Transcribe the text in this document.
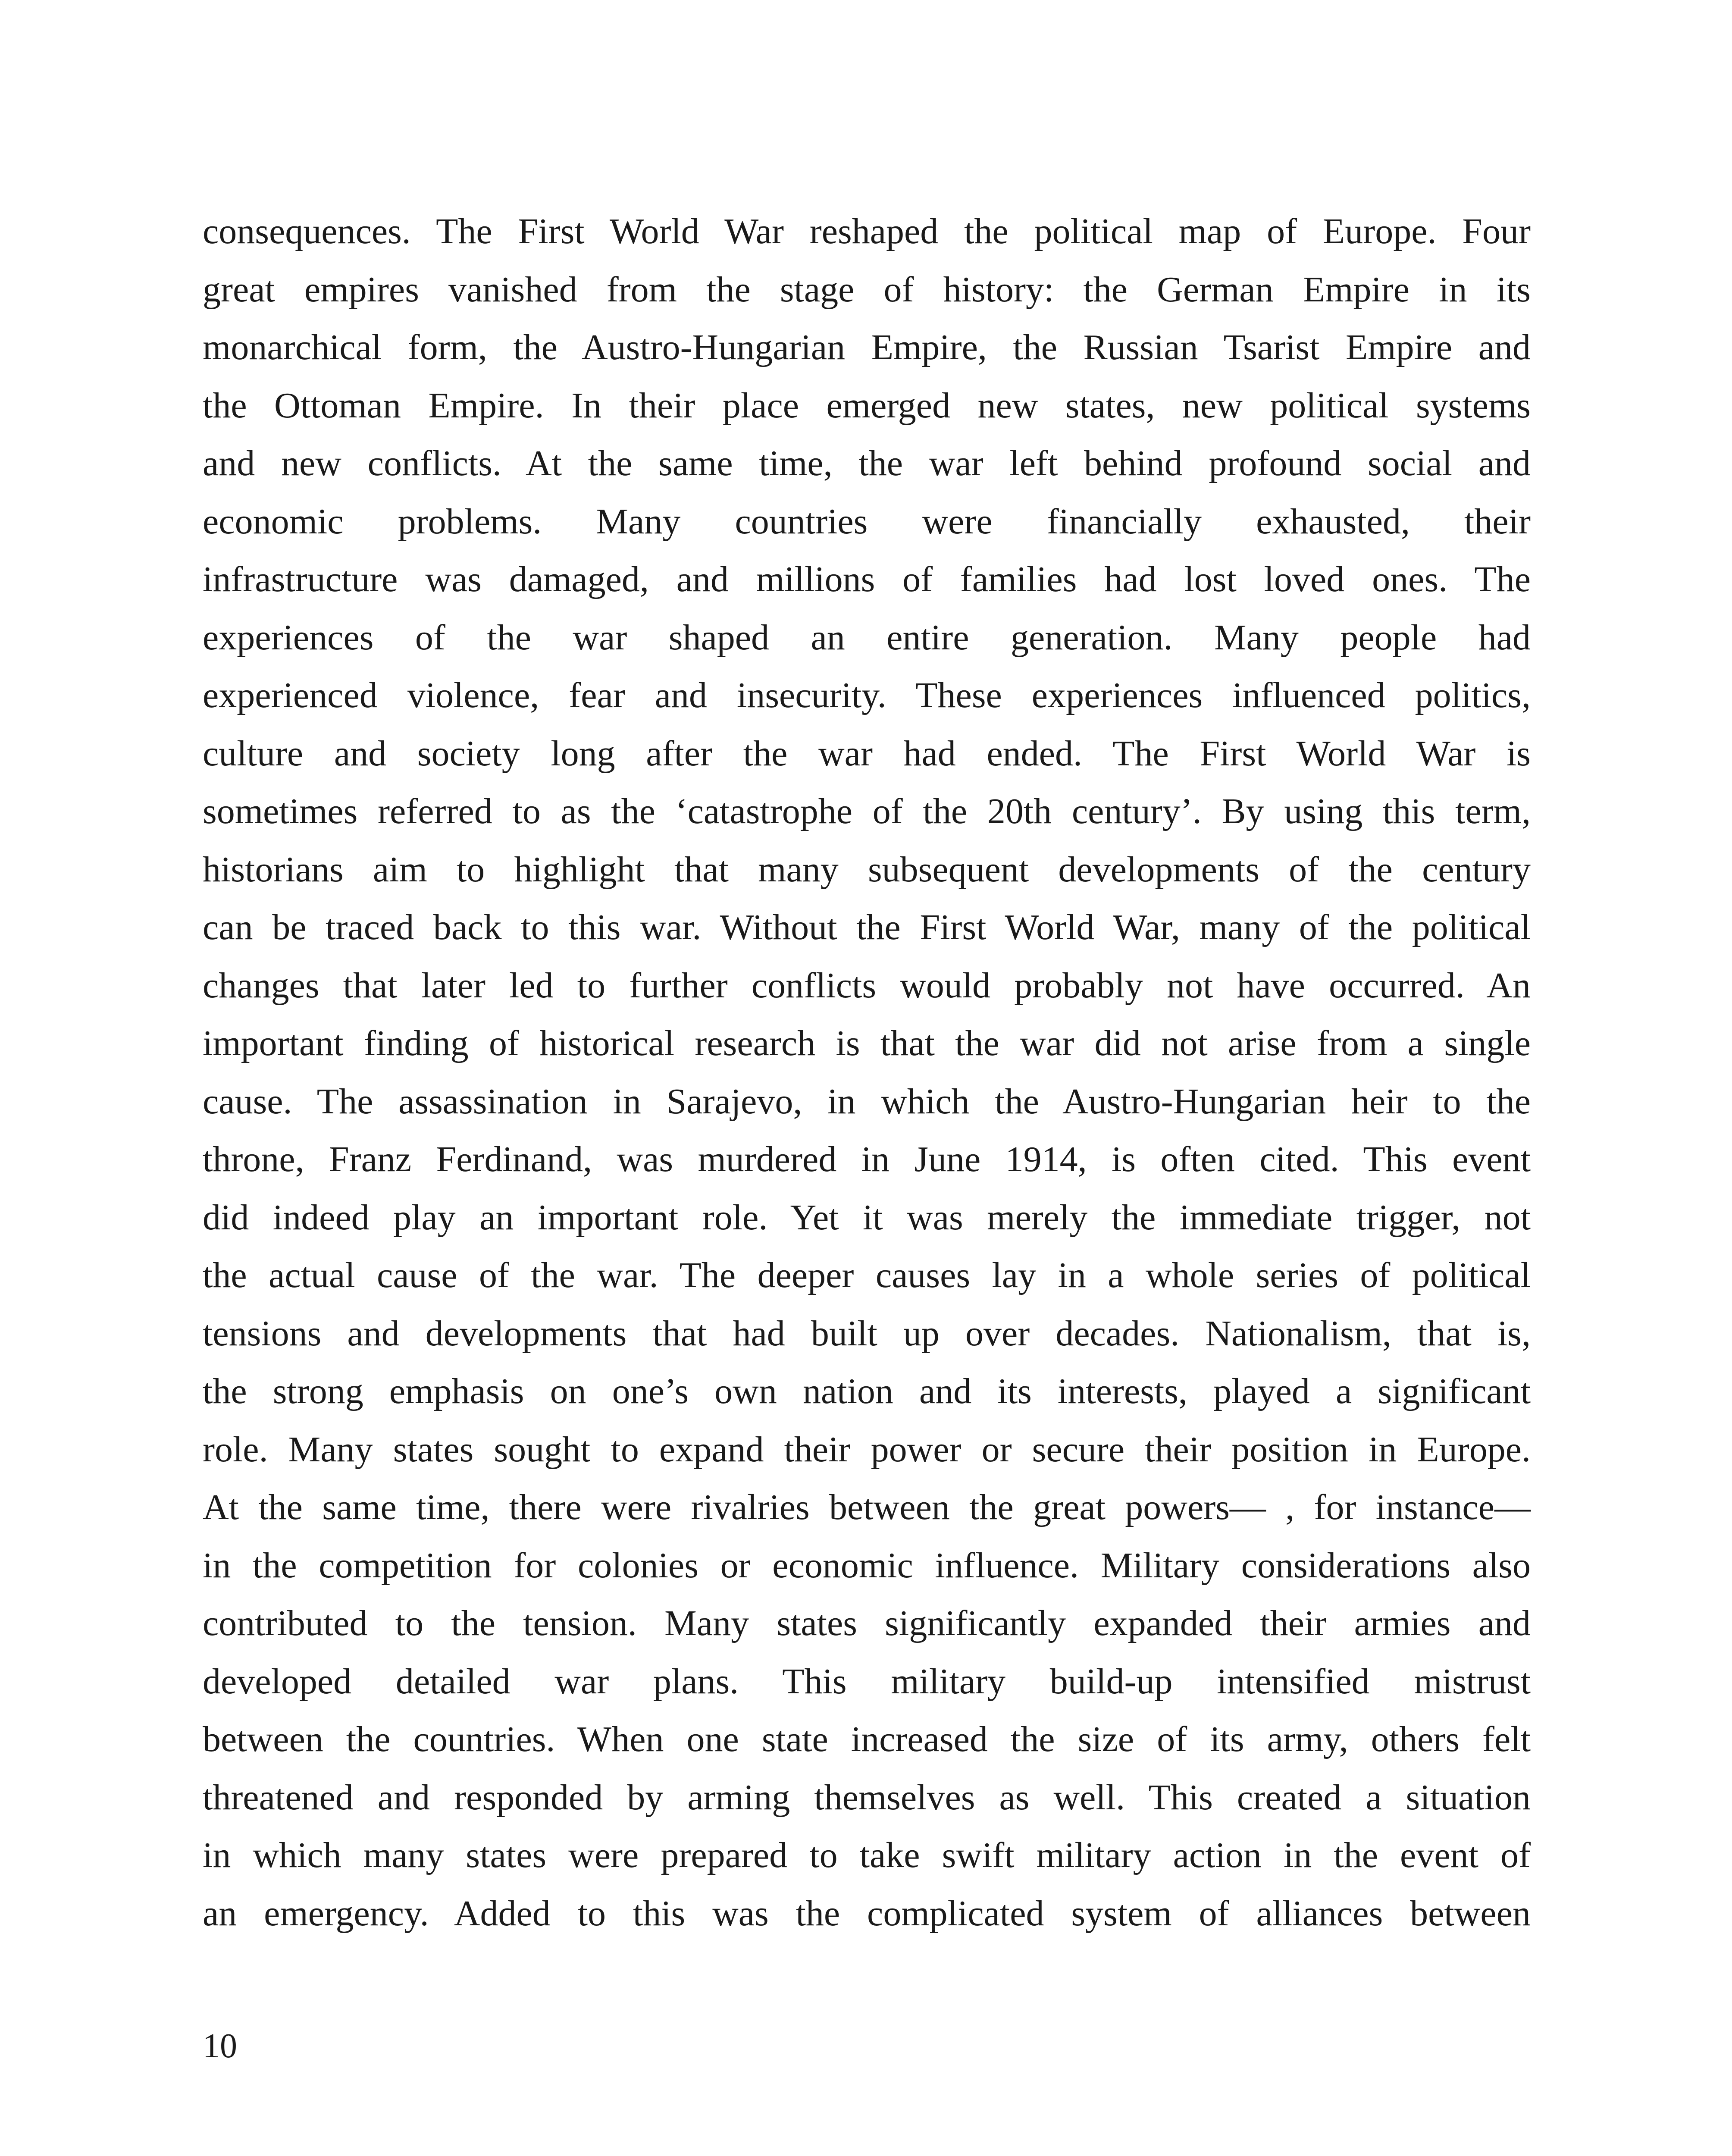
consequences. The First World War reshaped the political map of Europe. Four
great empires vanished from the stage of history: the German Empire in its
monarchical form, the Austro-Hungarian Empire, the Russian Tsarist Empire and
the Ottoman Empire. In their place emerged new states, new political systems
and new conflicts. At the same time, the war left behind profound social and
economic problems. Many countries were financially exhausted, their
infrastructure was damaged, and millions of families had lost loved ones. The
experiences of the war shaped an entire generation. Many people had
experienced violence, fear and insecurity. These experiences influenced politics,
culture and society long after the war had ended. The First World War is
sometimes referred to as the ‘catastrophe of the 20th century’. By using this term,
historians aim to highlight that many subsequent developments of the century
can be traced back to this war. Without the First World War, many of the political
changes that later led to further conflicts would probably not have occurred. An
important finding of historical research is that the war did not arise from a single
cause. The assassination in Sarajevo, in which the Austro-Hungarian heir to the
throne, Franz Ferdinand, was murdered in June 1914, is often cited. This event
did indeed play an important role. Yet it was merely the immediate trigger, not
the actual cause of the war. The deeper causes lay in a whole series of political
tensions and developments that had built up over decades. Nationalism, that is,
the strong emphasis on one’s own nation and its interests, played a significant
role. Many states sought to expand their power or secure their position in Europe.
At the same time, there were rivalries between the great powers— , for instance—
in the competition for colonies or economic influence. Military considerations also
contributed to the tension. Many states significantly expanded their armies and
developed detailed war plans. This military build-up intensified mistrust
between the countries. When one state increased the size of its army, others felt
threatened and responded by arming themselves as well. This created a situation
in which many states were prepared to take swift military action in the event of
an emergency. Added to this was the complicated system of alliances between

10
